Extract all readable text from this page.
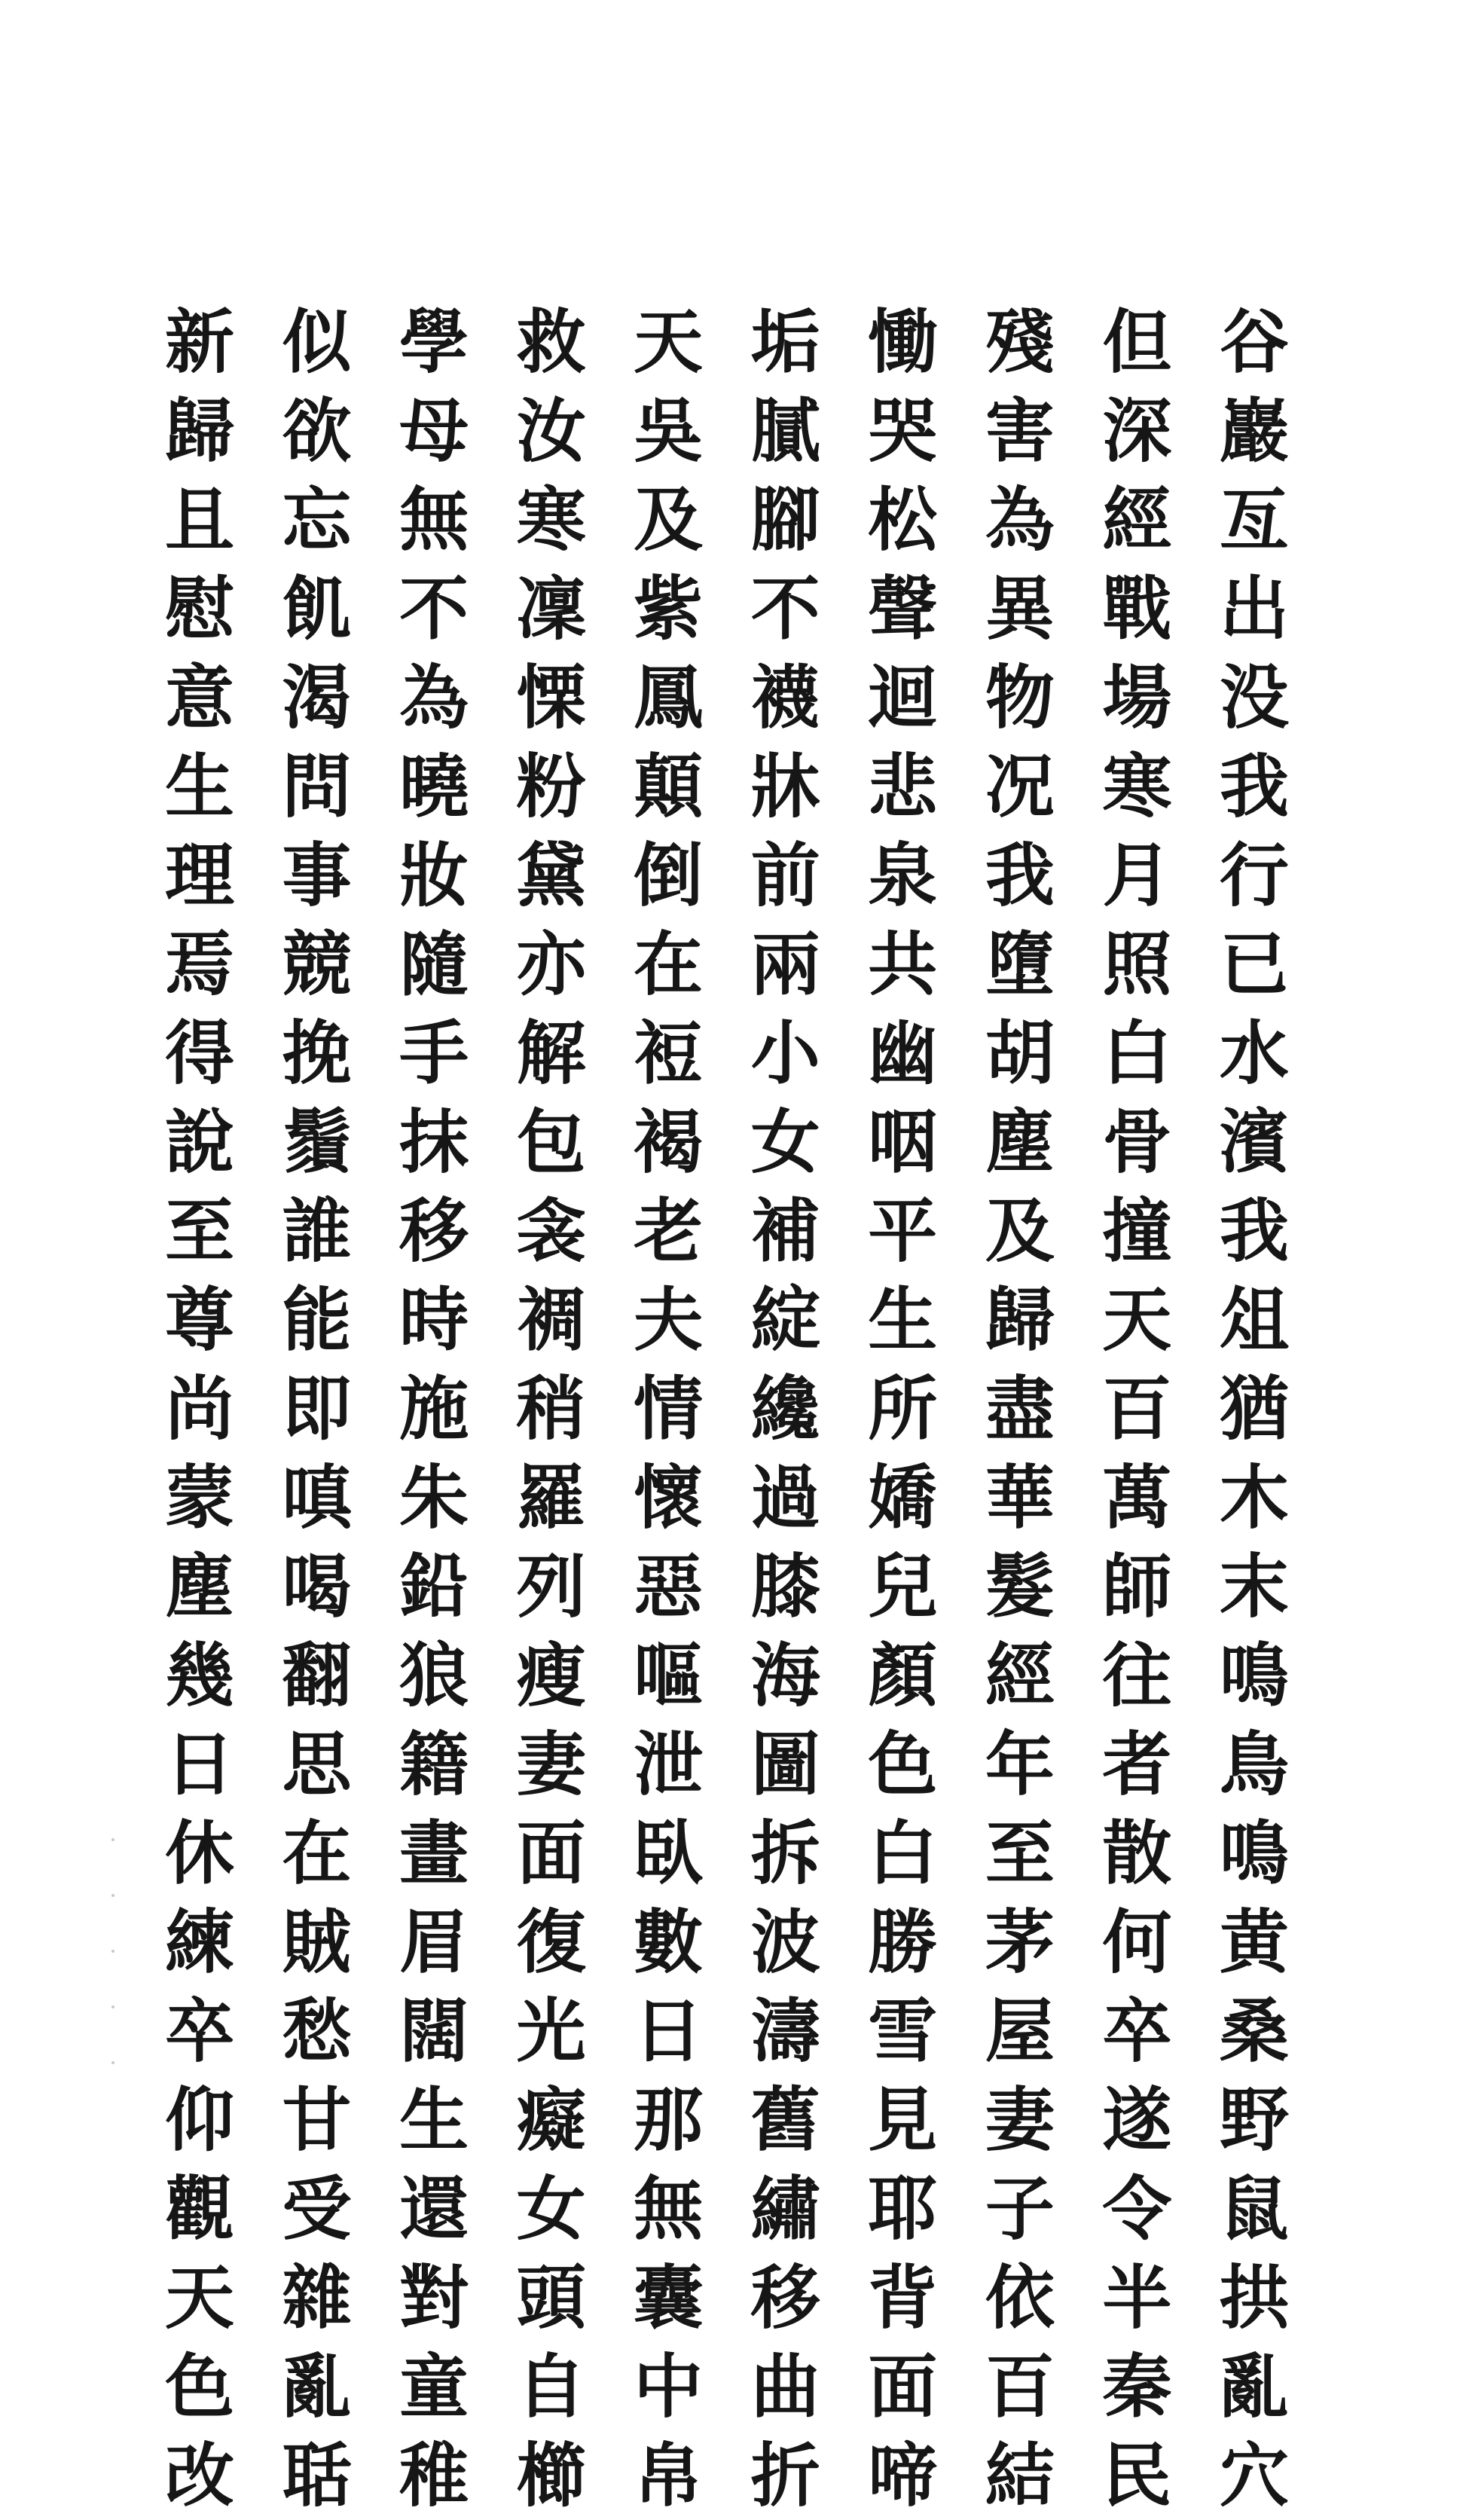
谷
巖
亙
出
没
我
行
已
水
濱
我
俎
猶
木
末
鳴
鳥
鳴
黄
桑
野
鼠
拱
亂
穴
但
深
經
戰
場
寒
月
照
白
骨
撞
天
百
萬
師
往
者
散
何
卒
遂
令
半
秦
民
殘
害
為
異
物
况
我
墮
胡
塵
及
歸
盡
華
髮
經
年
至
茅
屋
妻
子
依
百
結
慟
哭
松
聲
迴
悲
泉
共
幽
咽
平
生
所
嬌
兒
顏
色
白
勝
雪
見
耶
背
面
啼
垢
膩
腳
不
襪
牀
前
兩
小
女
補
綻
纔
過
膝
海
圖
拆
波
濤
舊
繡
移
曲
折
天
吳
及
紫
鳳
顛
倒
在
裋
褐
老
夫
情
懷
惡
嘔
泄
臥
數
日
那
無
囊
中
帛
救
汝
寒
凜
慄
粉
黛
亦
解
包
衾
裯
稍
羅
列
瘦
妻
面
復
光
癡
女
頭
自
櫛
學
母
無
不
為
曉
妝
隨
手
抹
移
時
施
朱
鉛
狼
籍
畫
眉
闊
生
還
對
童
稚
似
欲
忘
飢
渴
問
事
競
挽
鬚
誰
能
即
嗔
喝
翻
思
在
賊
愁
甘
受
雜
亂
聒
新
歸
且
慰
意
生
理
焉
得
說
至
尊
尚
蒙
塵
幾
日
休
練
卒
仰
觀
天
色
改
